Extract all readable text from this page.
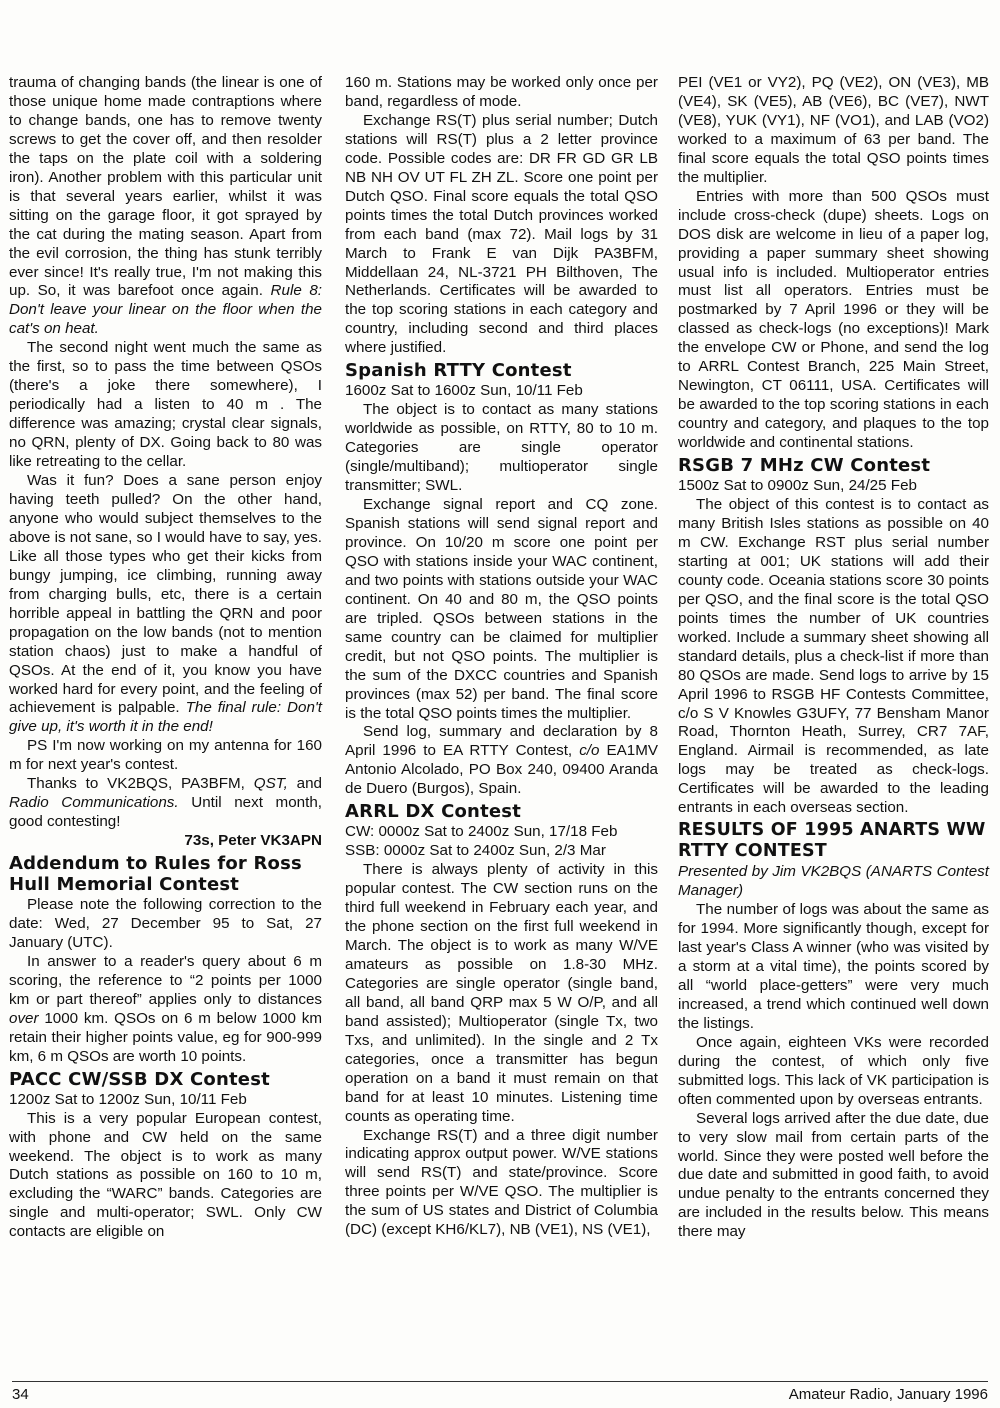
trauma of changing bands (the linear is one of those unique home made contraptions where to change bands, one has to remove twenty screws to get the cover off, and then resolder the taps on the plate coil with a soldering iron). Another problem with this particular unit is that several years earlier, whilst it was sitting on the garage floor, it got sprayed by the cat during the mating season. Apart from the evil corrosion, the thing has stunk terribly ever since! It's really true, I'm not making this up. So, it was barefoot once again. Rule 8: Don't leave your linear on the floor when the cat's on heat.

The second night went much the same as the first, so to pass the time between QSOs (there's a joke there somewhere), I periodically had a listen to 40 m . The difference was amazing; crystal clear signals, no QRN, plenty of DX. Going back to 80 was like retreating to the cellar.

Was it fun? Does a sane person enjoy having teeth pulled? On the other hand, anyone who would subject themselves to the above is not sane, so I would have to say, yes. Like all those types who get their kicks from bungy jumping, ice climbing, running away from charging bulls, etc, there is a certain horrible appeal in battling the QRN and poor propagation on the low bands (not to mention station chaos) just to make a handful of QSOs. At the end of it, you know you have worked hard for every point, and the feeling of achievement is palpable. The final rule: Don't give up, it's worth it in the end!

PS I'm now working on my antenna for 160 m for next year's contest.

Thanks to VK2BQS, PA3BFM, QST, and Radio Communications. Until next month, good contesting!

73s, Peter VK3APN

Addendum to Rules for Ross Hull Memorial Contest

Please note the following correction to the date: Wed, 27 December 95 to Sat, 27 January (UTC).

In answer to a reader's query about 6 m scoring, the reference to “2 points per 1000 km or part thereof” applies only to distances over 1000 km. QSOs on 6 m below 1000 km retain their higher points value, eg for 900-999 km, 6 m QSOs are worth 10 points.

PACC CW/SSB DX Contest

1200z Sat to 1200z Sun, 10/11 Feb

This is a very popular European contest, with phone and CW held on the same weekend. The object is to work as many Dutch stations as possible on 160 to 10 m, excluding the “WARC” bands. Categories are single and multi-operator; SWL. Only CW contacts are eligible on

160 m. Stations may be worked only once per band, regardless of mode.

Exchange RS(T) plus serial number; Dutch stations will RS(T) plus a 2 letter province code. Possible codes are: DR FR GD GR LB NB NH OV UT FL ZH ZL. Score one point per Dutch QSO. Final score equals the total QSO points times the total Dutch provinces worked from each band (max 72). Mail logs by 31 March to Frank E van Dijk PA3BFM, Middellaan 24, NL-3721 PH Bilthoven, The Netherlands. Certificates will be awarded to the top scoring stations in each category and country, including second and third places where justified.

Spanish RTTY Contest

1600z Sat to 1600z Sun, 10/11 Feb

The object is to contact as many stations worldwide as possible, on RTTY, 80 to 10 m. Categories are single operator (single/multiband); multioperator single transmitter; SWL.

Exchange signal report and CQ zone. Spanish stations will send signal report and province. On 10/20 m score one point per QSO with stations inside your WAC continent, and two points with stations outside your WAC continent. On 40 and 80 m, the QSO points are tripled. QSOs between stations in the same country can be claimed for multiplier credit, but not QSO points. The multiplier is the sum of the DXCC countries and Spanish provinces (max 52) per band. The final score is the total QSO points times the multiplier.

Send log, summary and declaration by 8 April 1996 to EA RTTY Contest, c/o EA1MV Antonio Alcolado, PO Box 240, 09400 Aranda de Duero (Burgos), Spain.

ARRL DX Contest

CW: 0000z Sat to 2400z Sun, 17/18 Feb

SSB: 0000z Sat to 2400z Sun, 2/3 Mar

There is always plenty of activity in this popular contest. The CW section runs on the third full weekend in February each year, and the phone section on the first full weekend in March. The object is to work as many W/VE amateurs as possible on 1.8-30 MHz. Categories are single operator (single band, all band, all band QRP max 5 W O/P, and all band assisted); Multioperator (single Tx, two Txs, and unlimited). In the single and 2 Tx categories, once a transmitter has begun operation on a band it must remain on that band for at least 10 minutes. Listening time counts as operating time.

Exchange RS(T) and a three digit number indicating approx output power. W/VE stations will send RS(T) and state/province. Score three points per W/VE QSO. The multiplier is the sum of US states and District of Columbia (DC) (except KH6/KL7), NB (VE1), NS (VE1),

PEI (VE1 or VY2), PQ (VE2), ON (VE3), MB (VE4), SK (VE5), AB (VE6), BC (VE7), NWT (VE8), YUK (VY1), NF (VO1), and LAB (VO2) worked to a maximum of 63 per band. The final score equals the total QSO points times the multiplier.

Entries with more than 500 QSOs must include cross-check (dupe) sheets. Logs on DOS disk are welcome in lieu of a paper log, providing a paper summary sheet showing usual info is included. Multioperator entries must list all operators. Entries must be postmarked by 7 April 1996 or they will be classed as check-logs (no exceptions)! Mark the envelope CW or Phone, and send the log to ARRL Contest Branch, 225 Main Street, Newington, CT 06111, USA. Certificates will be awarded to the top scoring stations in each country and category, and plaques to the top worldwide and continental stations.

RSGB 7 MHz CW Contest

1500z Sat to 0900z Sun, 24/25 Feb

The object of this contest is to contact as many British Isles stations as possible on 40 m CW. Exchange RST plus serial number starting at 001; UK stations will add their county code. Oceania stations score 30 points per QSO, and the final score is the total QSO points times the number of UK countries worked. Include a summary sheet showing all standard details, plus a check-list if more than 80 QSOs are made. Send logs to arrive by 15 April 1996 to RSGB HF Contests Committee, c/o S V Knowles G3UFY, 77 Bensham Manor Road, Thornton Heath, Surrey, CR7 7AF, England. Airmail is recommended, as late logs may be treated as check-logs. Certificates will be awarded to the leading entrants in each overseas section.

RESULTS OF 1995 ANARTS WW RTTY CONTEST

Presented by Jim VK2BQS (ANARTS Contest Manager)

The number of logs was about the same as for 1994. More significantly though, except for last year's Class A winner (who was visited by a storm at a vital time), the points scored by all “world place-getters” were very much increased, a trend which continued well down the listings.

Once again, eighteen VKs were recorded during the contest, of which only five submitted logs. This lack of VK participation is often commented upon by overseas entrants.

Several logs arrived after the due date, due to very slow mail from certain parts of the world. Since they were posted well before the due date and submitted in good faith, to avoid undue penalty to the entrants concerned they are included in the results below. This means there may

34	Amateur Radio, January 1996
